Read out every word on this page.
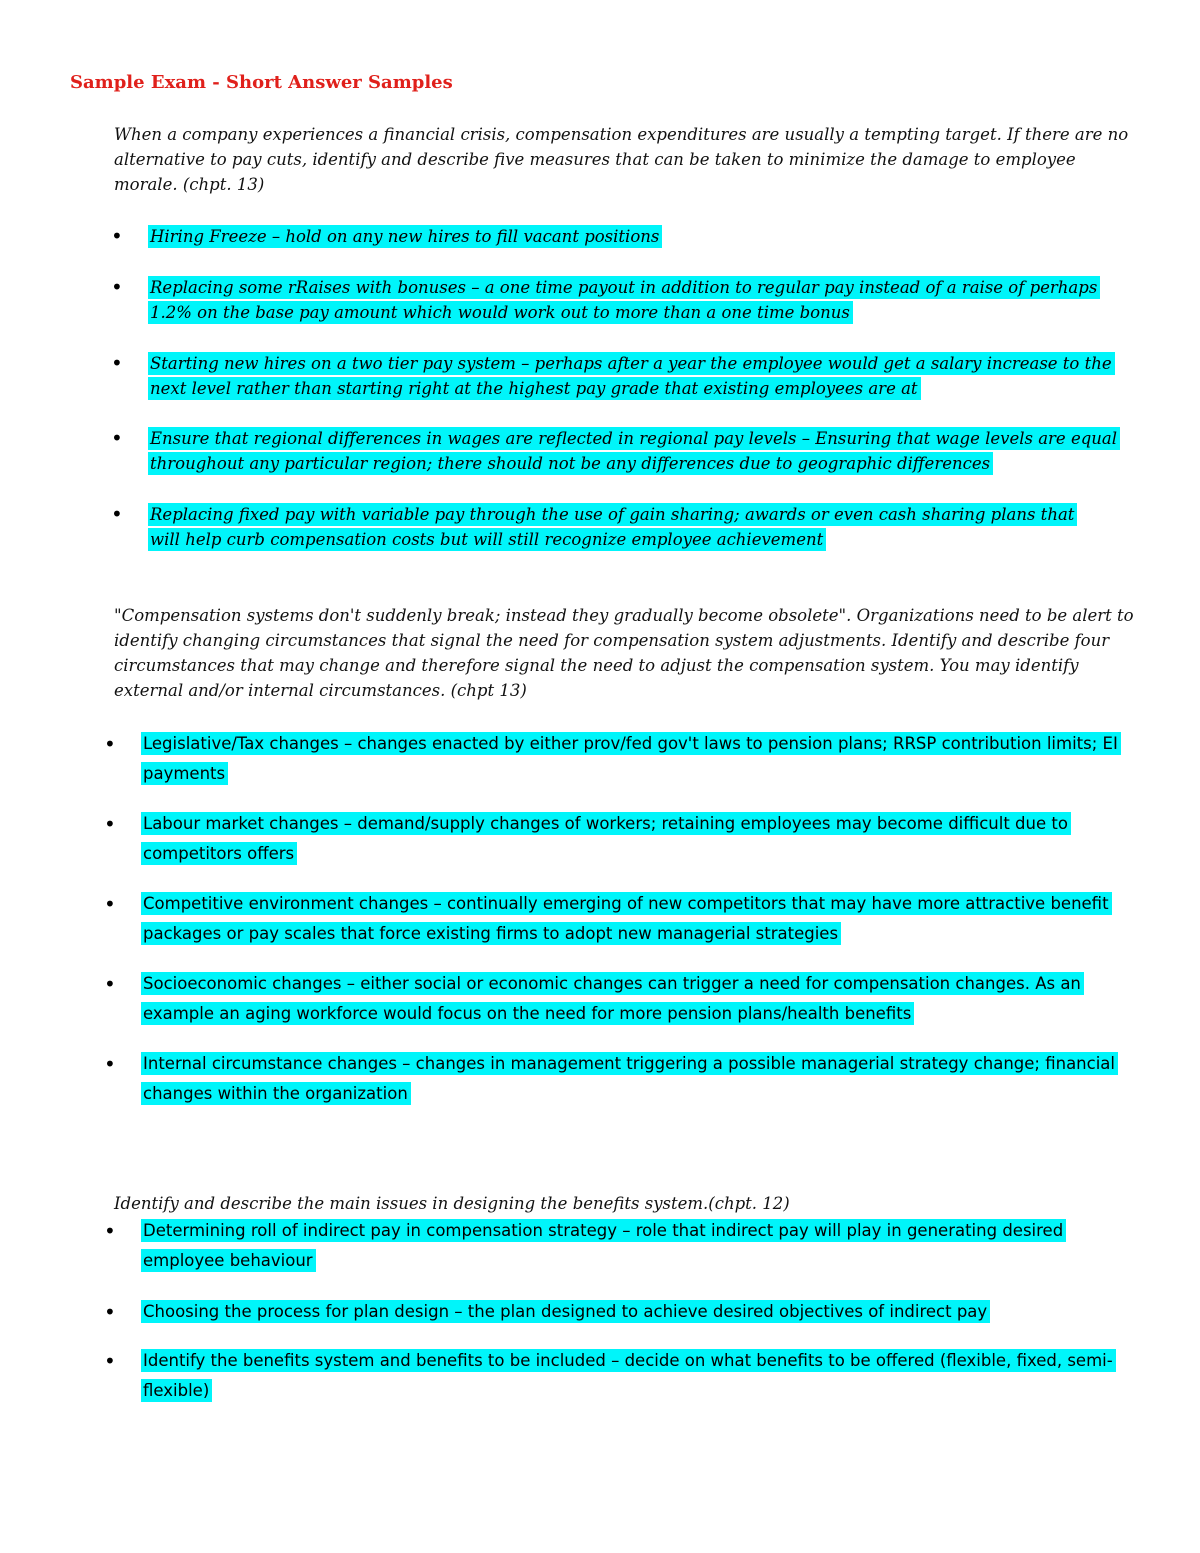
Sample Exam - Short Answer Samples

When a company experiences a financial crisis, compensation expenditures are usually a tempting target. If there are no alternative to pay cuts, identify and describe five measures that can be taken to minimize the damage to employee morale. (chpt. 13)

• Hiring Freeze – hold on any new hires to fill vacant positions
• Replacing some rRaises with bonuses – a one time payout in addition to regular pay instead of a raise of perhaps 1.2% on the base pay amount which would work out to more than a one time bonus
• Starting new hires on a two tier pay system – perhaps after a year the employee would get a salary increase to the next level rather than starting right at the highest pay grade that existing employees are at
• Ensure that regional differences in wages are reflected in regional pay levels – Ensuring that wage levels are equal throughout any particular region; there should not be any differences due to geographic differences
• Replacing fixed pay with variable pay through the use of gain sharing; awards or even cash sharing plans that will help curb compensation costs but will still recognize employee achievement

"Compensation systems don't suddenly break; instead they gradually become obsolete". Organizations need to be alert to identify changing circumstances that signal the need for compensation system adjustments. Identify and describe four circumstances that may change and therefore signal the need to adjust the compensation system. You may identify external and/or internal circumstances. (chpt 13)

• Legislative/Tax changes – changes enacted by either prov/fed gov't laws to pension plans; RRSP contribution limits; EI payments
• Labour market changes – demand/supply changes of workers; retaining employees may become difficult due to competitors offers
• Competitive environment changes – continually emerging of new competitors that may have more attractive benefit packages or pay scales that force existing firms to adopt new managerial strategies
• Socioeconomic changes – either social or economic changes can trigger a need for compensation changes. As an example an aging workforce would focus on the need for more pension plans/health benefits
• Internal circumstance changes – changes in management triggering a possible managerial strategy change; financial changes within the organization

Identify and describe the main issues in designing the benefits system.(chpt. 12)

• Determining roll of indirect pay in compensation strategy – role that indirect pay will play in generating desired employee behaviour
• Choosing the process for plan design – the plan designed to achieve desired objectives of indirect pay
• Identify the benefits system and benefits to be included – decide on what benefits to be offered (flexible, fixed, semi-flexible)
